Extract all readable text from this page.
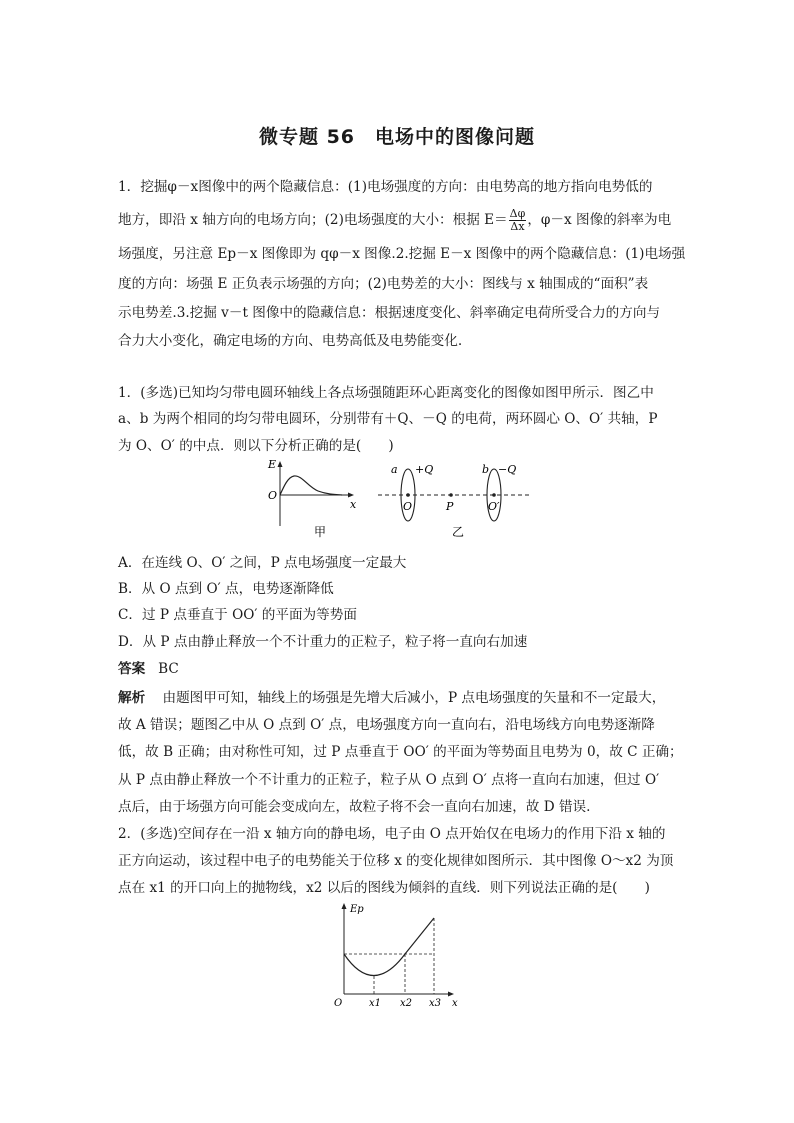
微专题 56　电场中的图像问题
1．挖掘φ－x图像中的两个隐藏信息：(1)电场强度的方向：由电势高的地方指向电势低的
地方，即沿 x 轴方向的电场方向；(2)电场强度的大小：根据 $E= \frac{\Delta\varphi}{\Delta x}$ ，φ－x 图像的斜率为电
场强度，另注意 Ep－x 图像即为 qφ－x 图像.2.挖掘 E－x 图像中的两个隐藏信息：(1)电场强
度的方向：场强 E 正负表示场强的方向；(2)电势差的大小：图线与 x 轴围成的“面积”表
示电势差.3.挖掘 v－t 图像中的隐藏信息：根据速度变化、斜率确定电荷所受合力的方向与
合力大小变化，确定电场的方向、电势高低及电势能变化.
1．(多选)已知均匀带电圆环轴线上各点场强随距环心距离变化的图像如图甲所示．图乙中
a、b 为两个相同的均匀带电圆环，分别带有＋Q、－Q 的电荷，两环圆心 O、O′ 共轴，P
为 O、O′ 的中点．则以下分析正确的是(　　)
E
O
x
甲
a +Q	b −Q
O	P	O′
乙
A．在连线 O、O′ 之间，P 点电场强度一定最大
B．从 O 点到 O′ 点，电势逐渐降低
C．过 P 点垂直于 OO′ 的平面为等势面
D．从 P 点由静止释放一个不计重力的正粒子，粒子将一直向右加速
答案 BC
解析 由题图甲可知，轴线上的场强是先增大后减小，P 点电场强度的矢量和不一定最大，
故 A 错误；题图乙中从 O 点到 O′ 点，电场强度方向一直向右，沿电场线方向电势逐渐降
低，故 B 正确；由对称性可知，过 P 点垂直于 OO′ 的平面为等势面且电势为 0，故 C 正确；
从 P 点由静止释放一个不计重力的正粒子，粒子从 O 点到 O′ 点将一直向右加速，但过 O′
点后，由于场强方向可能会变成向左，故粒子将不会一直向右加速，故 D 错误.
2．(多选)空间存在一沿 x 轴方向的静电场，电子由 O 点开始仅在电场力的作用下沿 x 轴的
正方向运动，该过程中电子的电势能关于位移 x 的变化规律如图所示．其中图像 O～x2 为顶
点在 x1 的开口向上的抛物线，x2 以后的图线为倾斜的直线．则下列说法正确的是(　　)
Ep
O	x1 x2 x3 x
